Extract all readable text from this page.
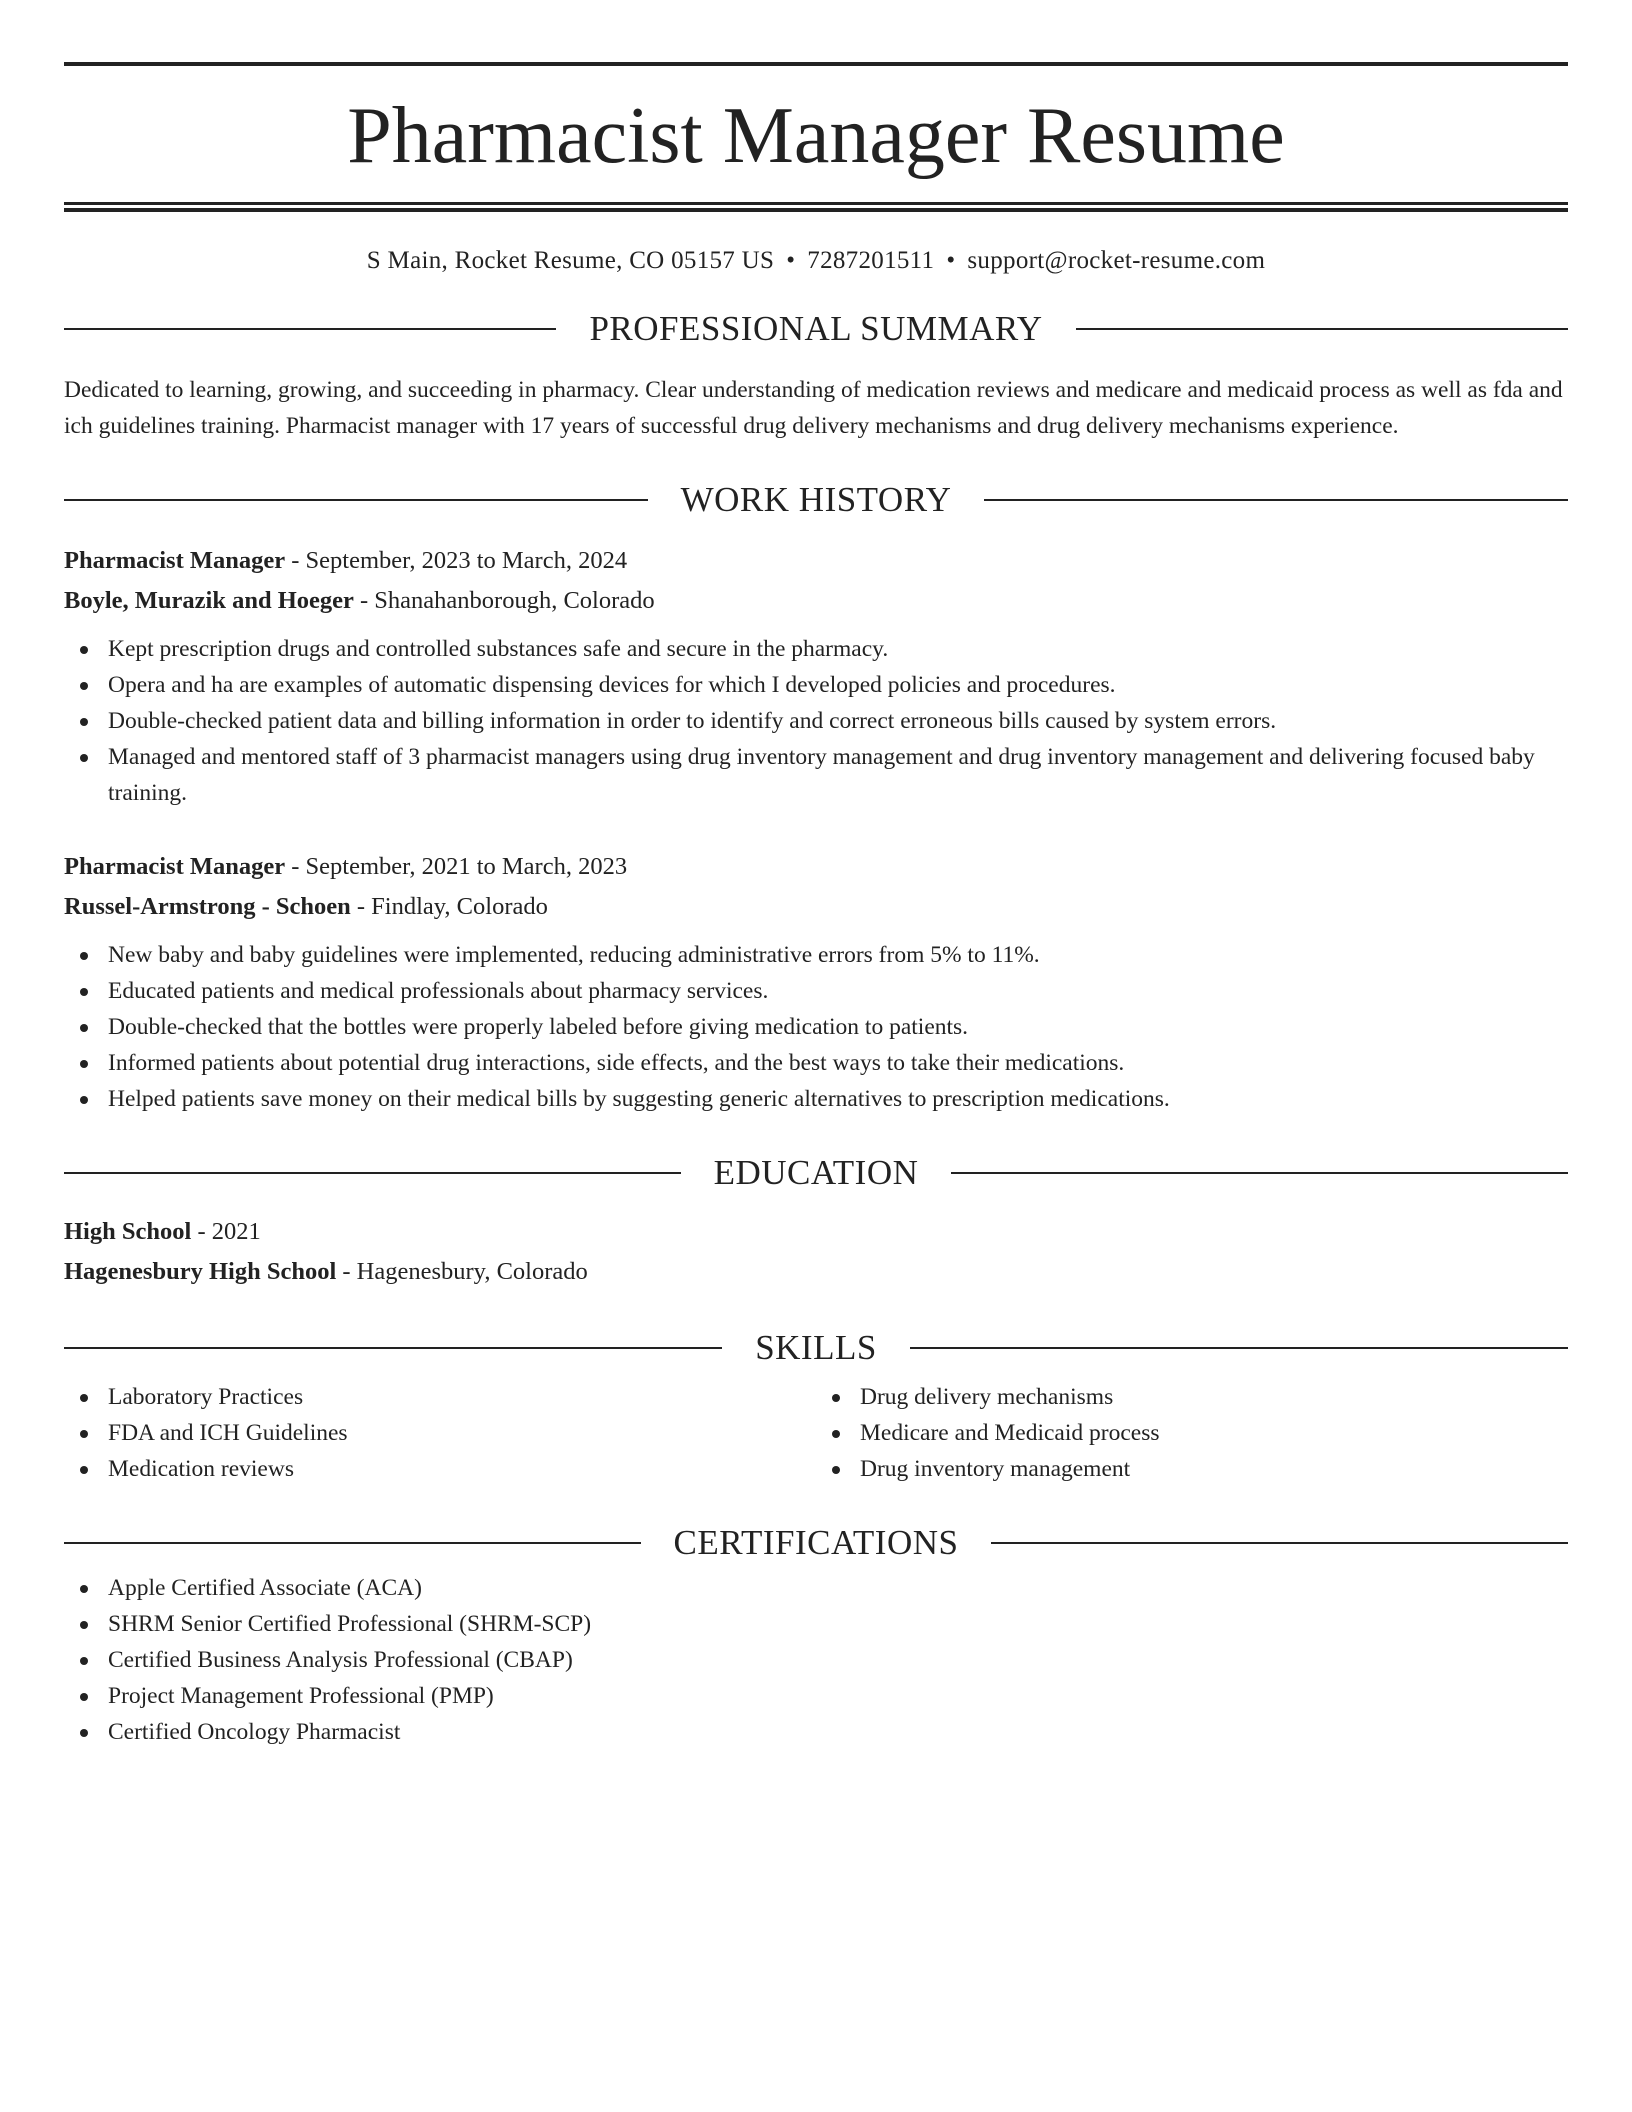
Pharmacist Manager Resume
S Main, Rocket Resume, CO 05157 US • 7287201511 • support@rocket-resume.com
PROFESSIONAL SUMMARY
Dedicated to learning, growing, and succeeding in pharmacy. Clear understanding of medication reviews and medicare and medicaid process as well as fda and ich guidelines training. Pharmacist manager with 17 years of successful drug delivery mechanisms and drug delivery mechanisms experience.
WORK HISTORY
Pharmacist Manager - September, 2023 to March, 2024
Boyle, Murazik and Hoeger - Shanahanborough, Colorado
Kept prescription drugs and controlled substances safe and secure in the pharmacy.
Opera and ha are examples of automatic dispensing devices for which I developed policies and procedures.
Double-checked patient data and billing information in order to identify and correct erroneous bills caused by system errors.
Managed and mentored staff of 3 pharmacist managers using drug inventory management and drug inventory management and delivering focused baby training.
Pharmacist Manager - September, 2021 to March, 2023
Russel-Armstrong - Schoen - Findlay, Colorado
New baby and baby guidelines were implemented, reducing administrative errors from 5% to 11%.
Educated patients and medical professionals about pharmacy services.
Double-checked that the bottles were properly labeled before giving medication to patients.
Informed patients about potential drug interactions, side effects, and the best ways to take their medications.
Helped patients save money on their medical bills by suggesting generic alternatives to prescription medications.
EDUCATION
High School - 2021
Hagenesbury High School - Hagenesbury, Colorado
SKILLS
Laboratory Practices
FDA and ICH Guidelines
Medication reviews
Drug delivery mechanisms
Medicare and Medicaid process
Drug inventory management
CERTIFICATIONS
Apple Certified Associate (ACA)
SHRM Senior Certified Professional (SHRM-SCP)
Certified Business Analysis Professional (CBAP)
Project Management Professional (PMP)
Certified Oncology Pharmacist
